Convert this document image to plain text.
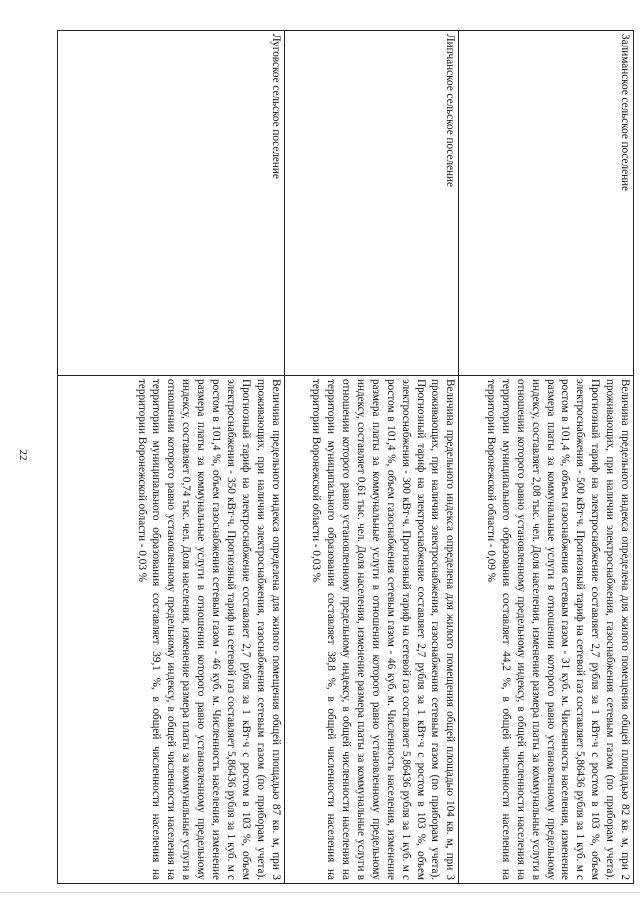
22
Залиманское сельское поселение
Величина предельного индекса определена для жилого помещения общей площадью 82 кв. м, при 2 проживающих, при наличии электроснабжения, газоснабжения сетевым газом (по приборам учета). Прогнозный тариф на электроснабжение составляет 2,7 рубля за 1 кВт·ч с ростом в 103 %, объем электроснабжения - 500 кВт·ч. Прогнозный тариф на сетевой газ составляет 5,86436 рубля за 1 куб. м с ростом в 101,4 %, объем газоснабжения сетевым газом - 31 куб. м. Численность населения, изменение размера платы за коммунальные услуги в отношении которого равно установленному предельному индексу, составляет 2,08 тыс. чел. Доля населения, изменение размера платы за коммунальные услуги в отношении которого равно установленному предельному индексу, в общей численности населения на территории муниципального образования составляет 44,2 %, в общей численности населения на территории Воронежской области - 0,09 %
Липчанское сельское поселение
Величина предельного индекса определена для жилого помещения общей площадью 104 кв. м, при 3 проживающих, при наличии электроснабжения, газоснабжения сетевым газом (по приборам учета). Прогнозный тариф на электроснабжение составляет 2,7 рубля за 1 кВт·ч с ростом в 103 %, объем электроснабжения - 300 кВт·ч. Прогнозный тариф на сетевой газ составляет 5,86436 рубля за 1 куб. м с ростом в 101,4 %, объем газоснабжения сетевым газом - 46 куб. м. Численность населения, изменение размера платы за коммунальные услуги в отношении которого равно установленному предельному индексу, составляет 0,61 тыс. чел. Доля населения, изменение размера платы за коммунальные услуги в отношении которого равно установленному предельному индексу, в общей численности населения на территории муниципального образования составляет 38,8 %, в общей численности населения на территории Воронежской области - 0,03 %
Луговское сельское поселение
Величина предельного индекса определена для жилого помещения общей площадью 87 кв. м, при 3 проживающих, при наличии электроснабжения, газоснабжения сетевым газом (по приборам учета). Прогнозный тариф на электроснабжение составляет 2,7 рубля за 1 кВт·ч с ростом в 103 %, объем электроснабжения - 350 кВт·ч. Прогнозный тариф на сетевой газ составляет 5,86436 рубля за 1 куб. м с ростом в 101,4 %, объем газоснабжения сетевым газом - 46 куб. м. Численность населения, изменение размера платы за коммунальные услуги в отношении которого равно установленному предельному индексу, составляет 0,74 тыс. чел. Доля населения, изменение размера платы за коммунальные услуги в отношении которого равно установленному предельному индексу, в общей численности населения на территории муниципального образования составляет 39,1 %, в общей численности населения на территории Воронежской области - 0,03 %
